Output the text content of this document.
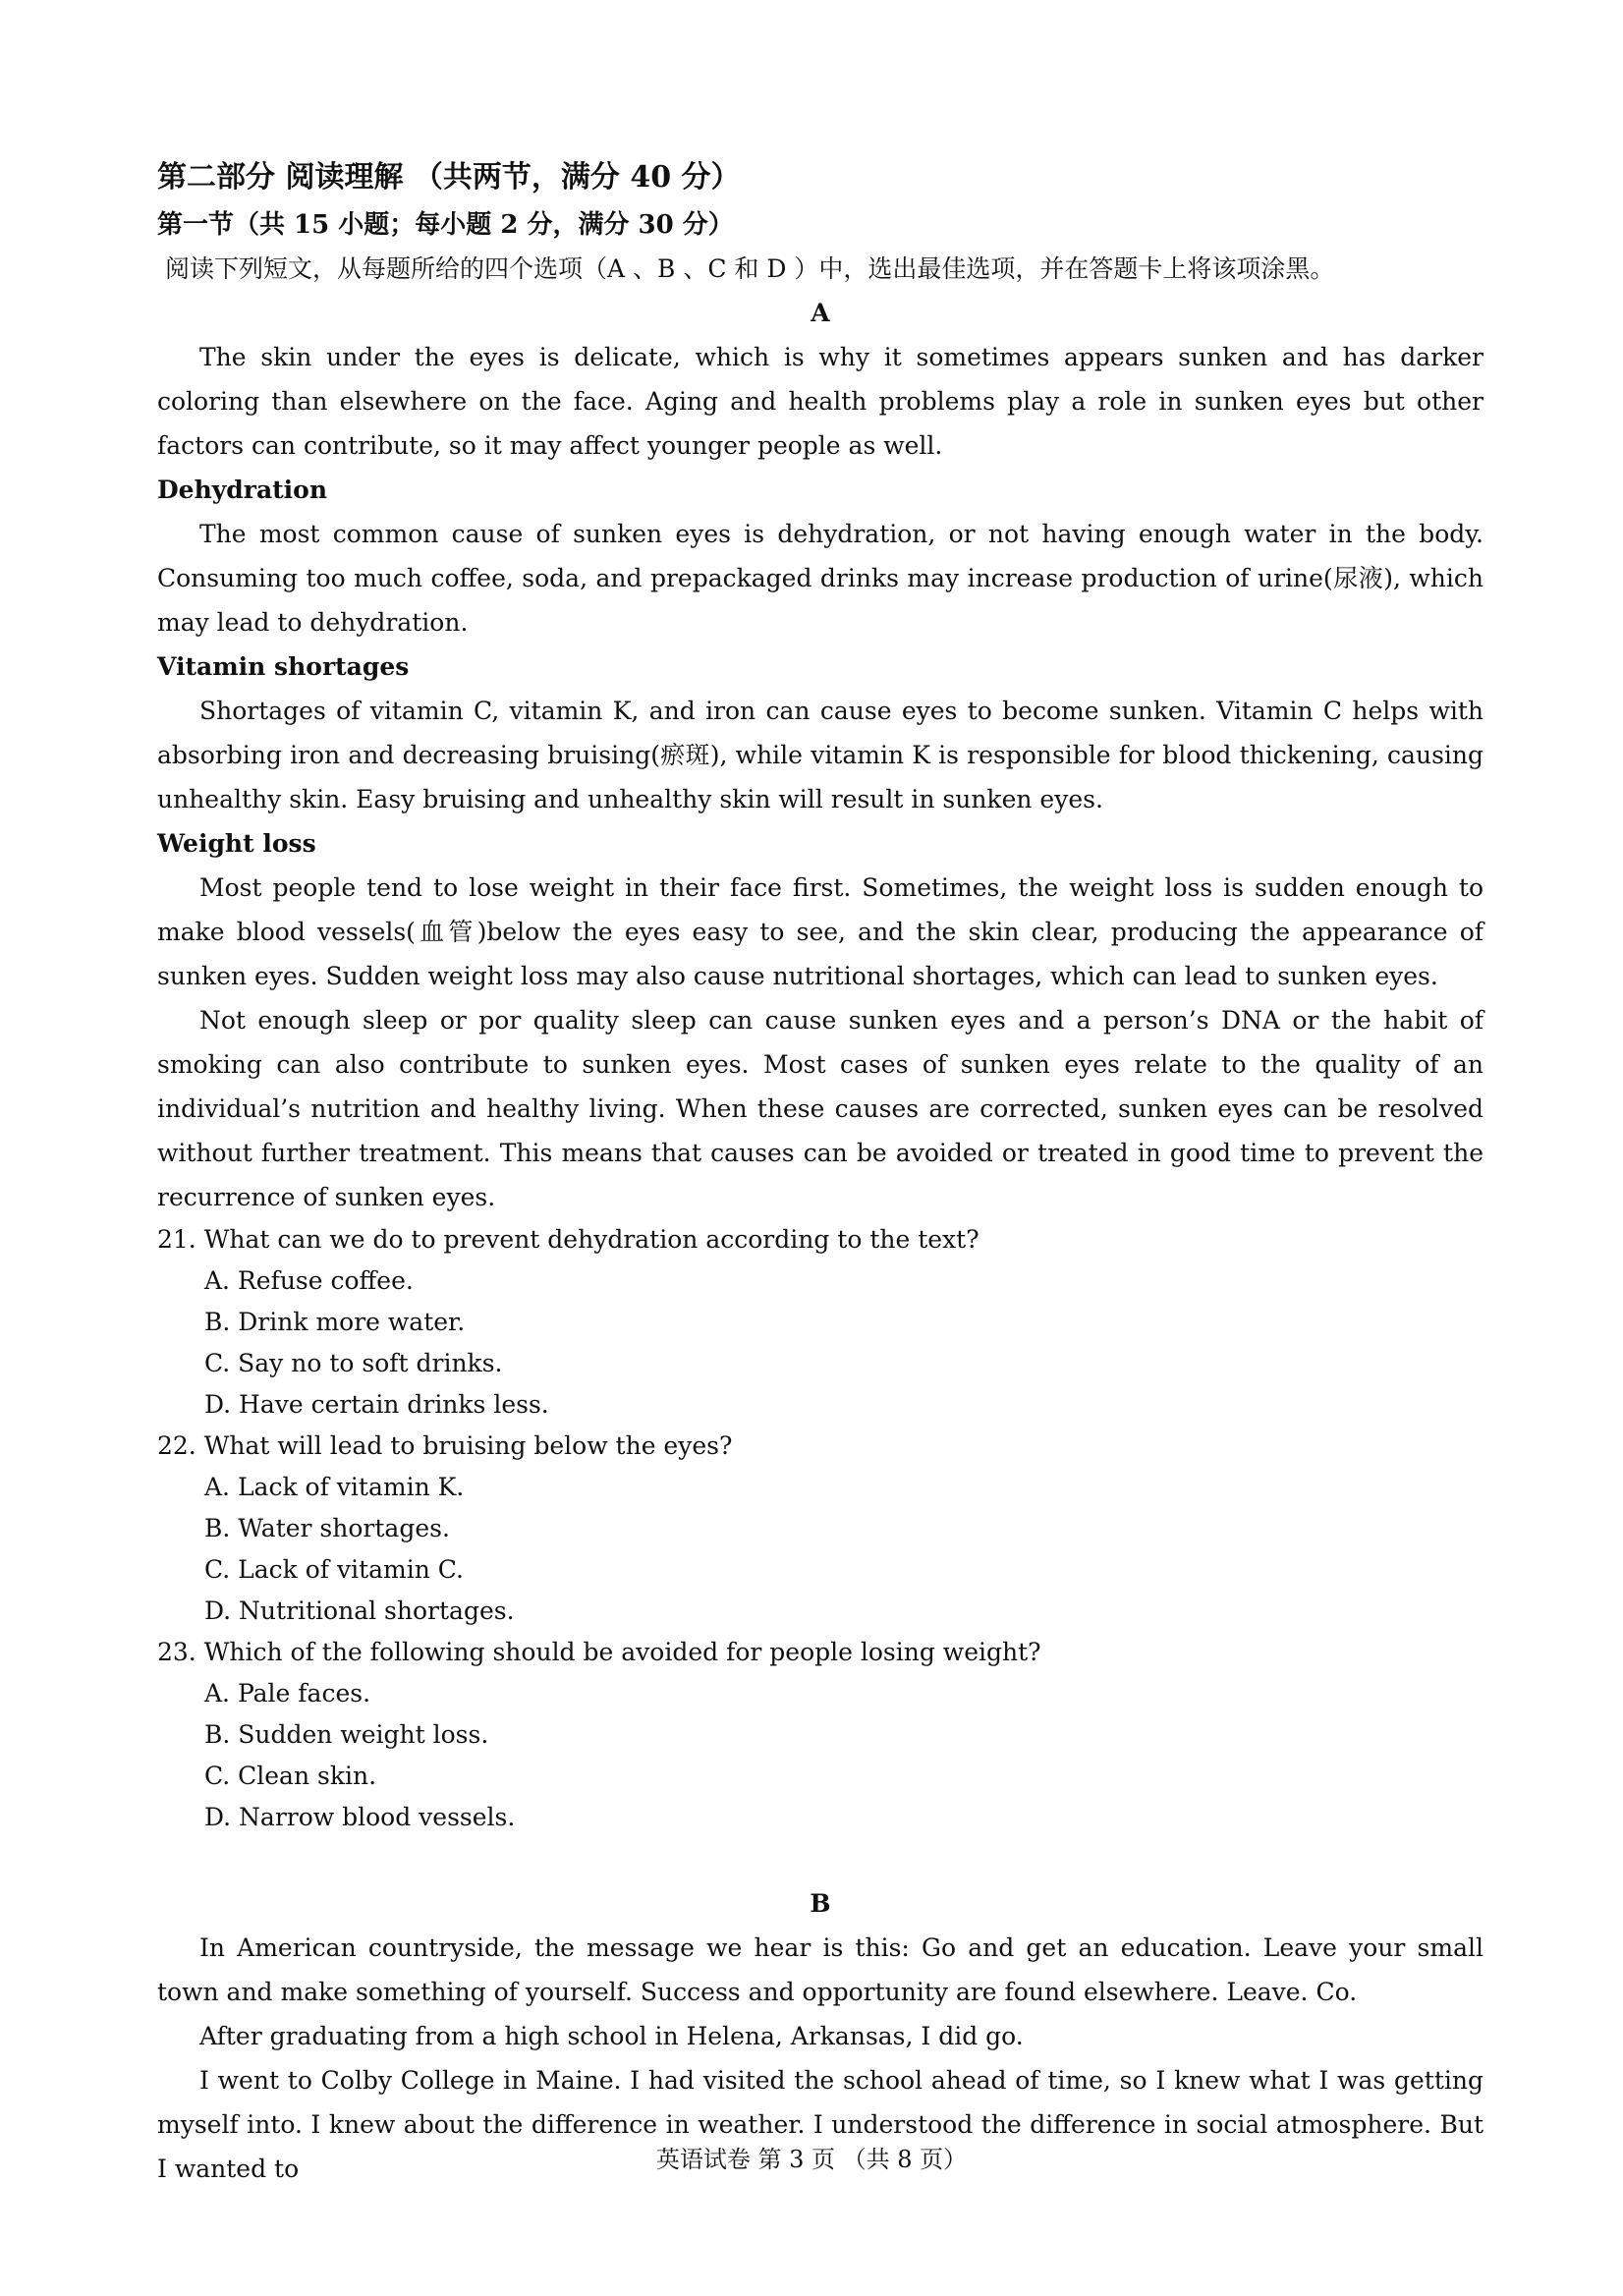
第二部分 阅读理解 （共两节，满分 40 分）

第一节（共 15 小题；每小题 2 分，满分 30 分）

阅读下列短文，从每题所给的四个选项（A 、B 、C 和 D ）中，选出最佳选项，并在答题卡上将该项涂黑。

A

The skin under the eyes is delicate, which is why it sometimes appears sunken and has darker coloring than elsewhere on the face. Aging and health problems play a role in sunken eyes but other factors can contribute, so it may affect younger people as well.

Dehydration

The most common cause of sunken eyes is dehydration, or not having enough water in the body. Consuming too much coffee, soda, and prepackaged drinks may increase production of urine(尿液), which may lead to dehydration.

Vitamin shortages

Shortages of vitamin C, vitamin K, and iron can cause eyes to become sunken. Vitamin C helps with absorbing iron and decreasing bruising(瘀斑), while vitamin K is responsible for blood thickening, causing unhealthy skin. Easy bruising and unhealthy skin will result in sunken eyes.

Weight loss

Most people tend to lose weight in their face first. Sometimes, the weight loss is sudden enough to make blood vessels(血管)below the eyes easy to see, and the skin clear, producing the appearance of sunken eyes. Sudden weight loss may also cause nutritional shortages, which can lead to sunken eyes.

Not enough sleep or por quality sleep can cause sunken eyes and a person’s DNA or the habit of smoking can also contribute to sunken eyes. Most cases of sunken eyes relate to the quality of an individual’s nutrition and healthy living. When these causes are corrected, sunken eyes can be resolved without further treatment. This means that causes can be avoided or treated in good time to prevent the recurrence of sunken eyes.

21. What can we do to prevent dehydration according to the text?

A. Refuse coffee.

B. Drink more water.

C. Say no to soft drinks.

D. Have certain drinks less.

22. What will lead to bruising below the eyes?

A. Lack of vitamin K.

B. Water shortages.

C. Lack of vitamin C.

D. Nutritional shortages.

23. Which of the following should be avoided for people losing weight?

A. Pale faces.

B. Sudden weight loss.

C. Clean skin.

D. Narrow blood vessels.

B

In American countryside, the message we hear is this: Go and get an education. Leave your small town and make something of yourself. Success and opportunity are found elsewhere. Leave. Co.

After graduating from a high school in Helena, Arkansas, I did go.

I went to Colby College in Maine. I had visited the school ahead of time, so I knew what I was getting myself into. I knew about the difference in weather. I understood the difference in social atmosphere. But I wanted to	英语试卷 第 3 页 （共 8 页）
